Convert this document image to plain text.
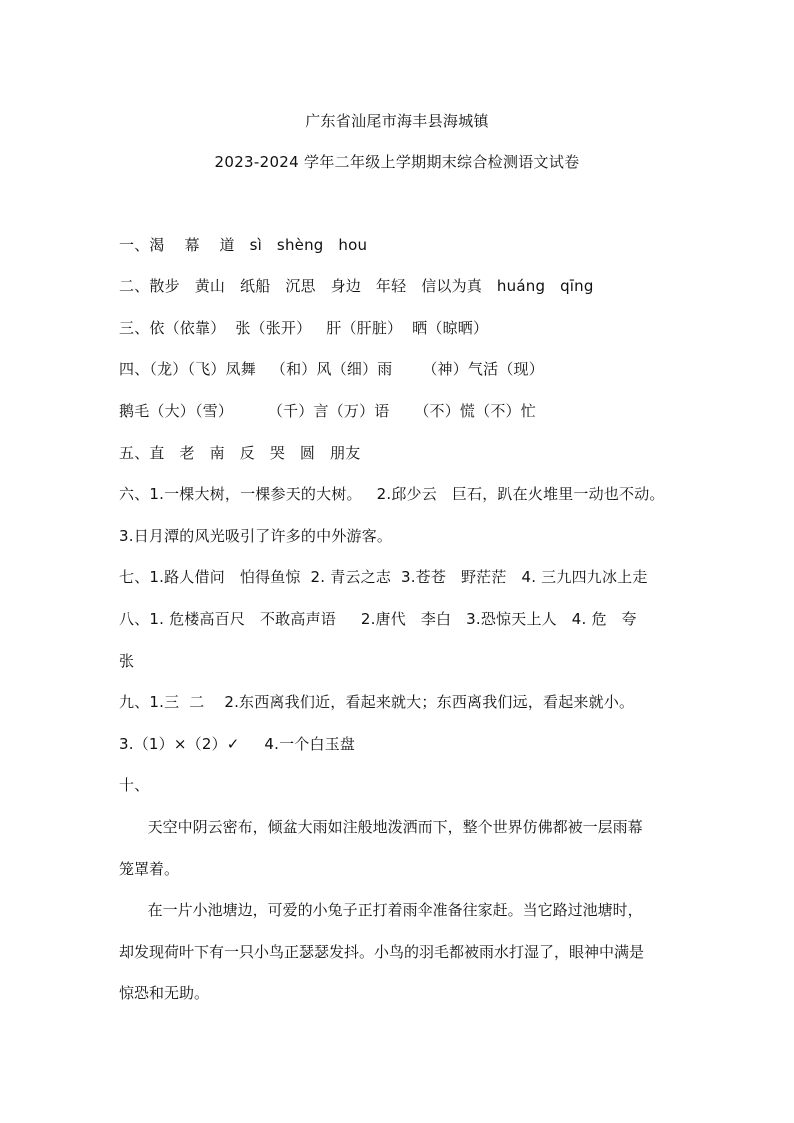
广东省汕尾市海丰县海城镇
2023-2024 学年二年级上学期期末综合检测语文试卷
一、渴    幕    道   sì   shèng   hou
二、散步   黄山   纸船   沉思   身边   年轻   信以为真   huáng   qīng
三、依（依靠）  张（张开）   肝（肝脏）  晒（晾晒）
四、（龙）（飞）凤舞   （和）风（细）雨      （神）气活（现）
鹅毛（大）（雪）       （千）言（万）语     （不）慌（不）忙
五、直   老   南   反   哭   圆   朋友
六、1.一棵大树，一棵参天的大树。   2.邱少云   巨石，趴在火堆里一动也不动。
3.日月潭的风光吸引了许多的中外游客。
七、1.路人借问   怕得鱼惊  2. 青云之志  3.苍苍   野茫茫   4. 三九四九冰上走
八、1. 危楼高百尺   不敢高声语     2.唐代   李白   3.恐惊天上人   4. 危   夸
张
九、1.三  二    2.东西离我们近，看起来就大；东西离我们远，看起来就小。
3.（1）×（2）✓     4.一个白玉盘
十、
天空中阴云密布，倾盆大雨如注般地泼洒而下，整个世界仿佛都被一层雨幕
笼罩着。
在一片小池塘边，可爱的小兔子正打着雨伞准备往家赶。当它路过池塘时，
却发现荷叶下有一只小鸟正瑟瑟发抖。小鸟的羽毛都被雨水打湿了，眼神中满是
惊恐和无助。
